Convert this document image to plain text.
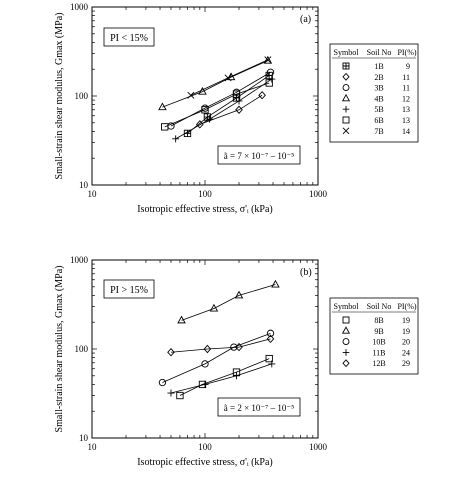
10	100	1000
10
100
1000
(a)
PI < 15%
ã = 7 × 10⁻⁷ – 10⁻⁵
Isotropic effective stress, σ'ᵢ (kPa)
Small-strain shear modulus, Gmax (MPa)	Symbol Soil No PI(%)
1B	9
2B 11
3B 11
4B 12
5B 13
6B 13
7B 14
10	100	1000
10
100
1000
(b)
PI > 15%
ã = 2 × 10⁻⁷ – 10⁻⁵
Isotropic effective stress, σ'ᵢ (kPa)
Small-strain shear modulus, Gmax (MPa)	Symbol Soil No PI(%)
8B 19
9B 19
10B 20
11B 24
12B 29
